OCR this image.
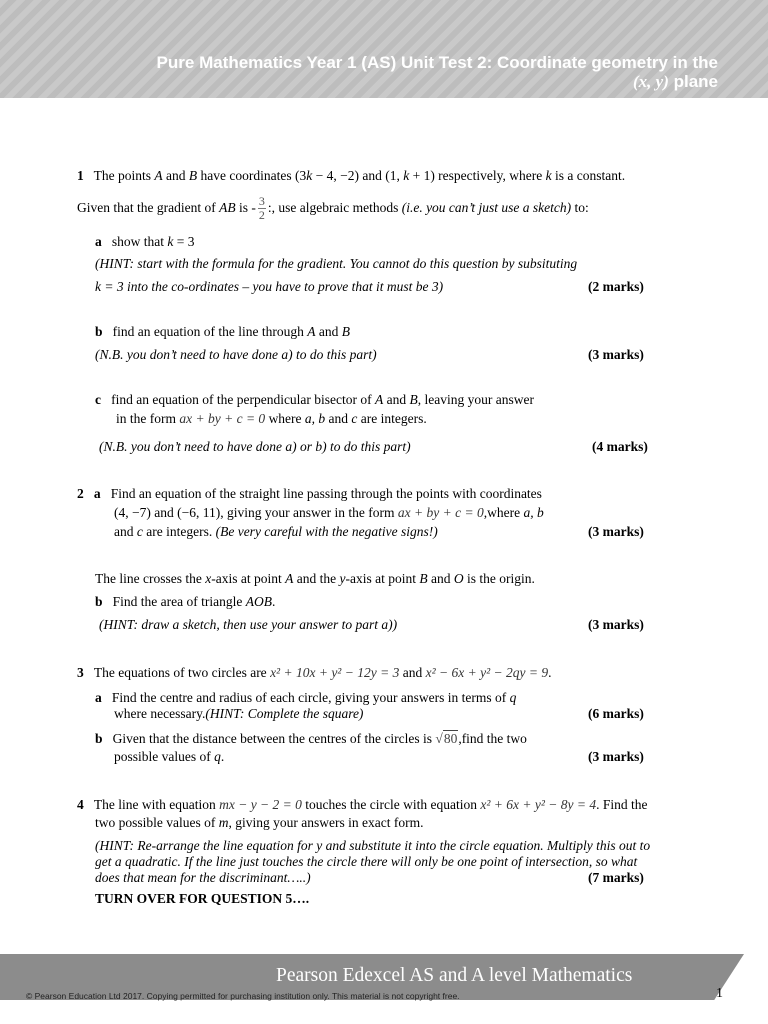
Pure Mathematics Year 1 (AS) Unit Test 2: Coordinate geometry in the
(x, y) plane
1 The points A and B have coordinates (3k − 4, −2) and (1, k + 1) respectively, where k is a constant.
Given that the gradient of AB is - $\frac{3}{2}$ :, use algebraic methods (i.e. you can’t just use a sketch) to:
a show that k = 3
(HINT: start with the formula for the gradient. You cannot do this question by subsituting
k = 3 into the co-ordinates – you have to prove that it must be 3)	(2 marks)
b find an equation of the line through A and B
(N.B. you don’t need to have done a) to do this part)	(3 marks)
c find an equation of the perpendicular bisector of A and B, leaving your answer
in the form ax + by + c = 0 where a, b and c are integers.
(N.B. you don’t need to have done a) or b) to do this part)	(4 marks)
2 a Find an equation of the straight line passing through the points with coordinates
(4, −7) and (−6, 11), giving your answer in the form ax + by + c = 0,where a, b
and c are integers. (Be very careful with the negative signs!)	(3 marks)
The line crosses the x-axis at point A and the y-axis at point B and O is the origin.
b Find the area of triangle AOB.
(HINT: draw a sketch, then use your answer to part a))	(3 marks)
3 The equations of two circles are x² + 10x + y² − 12y = 3 and x² − 6x + y² − 2qy = 9.
a Find the centre and radius of each circle, giving your answers in terms of q
where necessary.(HINT: Complete the square)	(6 marks)
b Given that the distance between the centres of the circles is √80,find the two
possible values of q.	(3 marks)
4 The line with equation mx − y − 2 = 0 touches the circle with equation x² + 6x + y² − 8y = 4. Find the
two possible values of m, giving your answers in exact form.
(HINT: Re-arrange the line equation for y and substitute it into the circle equation. Multiply this out to
get a quadratic. If the line just touches the circle there will only be one point of intersection, so what
does that mean for the discriminant…..)	(7 marks)
TURN OVER FOR QUESTION 5….
Pearson Edexcel AS and A level Mathematics
© Pearson Education Ltd 2017. Copying permitted for purchasing institution only. This material is not copyright free.	1
